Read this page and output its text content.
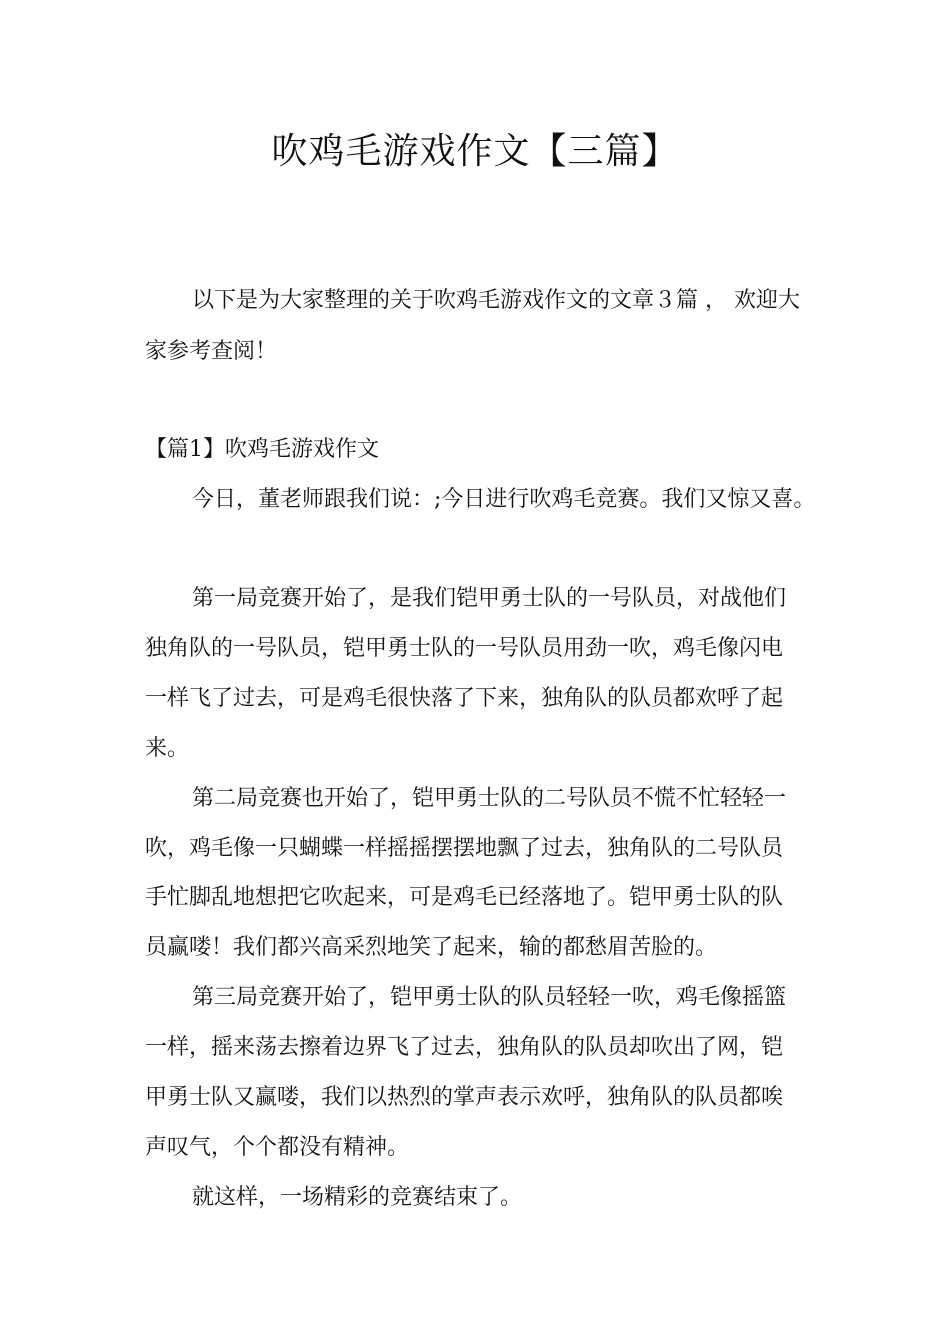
吹鸡毛游戏作文【三篇】
以下是为大家整理的关于吹鸡毛游戏作文的文章３篇 ， 欢迎大
家参考查阅！
【篇1】吹鸡毛游戏作文
今日，董老师跟我们说：;今日进行吹鸡毛竞赛。我们又惊又喜。
第一局竞赛开始了，是我们铠甲勇士队的一号队员，对战他们
独角队的一号队员，铠甲勇士队的一号队员用劲一吹，鸡毛像闪电
一样飞了过去，可是鸡毛很快落了下来，独角队的队员都欢呼了起
来。
第二局竞赛也开始了，铠甲勇士队的二号队员不慌不忙轻轻一
吹，鸡毛像一只蝴蝶一样摇摇摆摆地飘了过去，独角队的二号队员
手忙脚乱地想把它吹起来，可是鸡毛已经落地了。铠甲勇士队的队
员赢喽！我们都兴高采烈地笑了起来，输的都愁眉苦脸的。
第三局竞赛开始了，铠甲勇士队的队员轻轻一吹，鸡毛像摇篮
一样，摇来荡去擦着边界飞了过去，独角队的队员却吹出了网，铠
甲勇士队又赢喽，我们以热烈的掌声表示欢呼，独角队的队员都唉
声叹气，个个都没有精神。
就这样，一场精彩的竞赛结束了。
